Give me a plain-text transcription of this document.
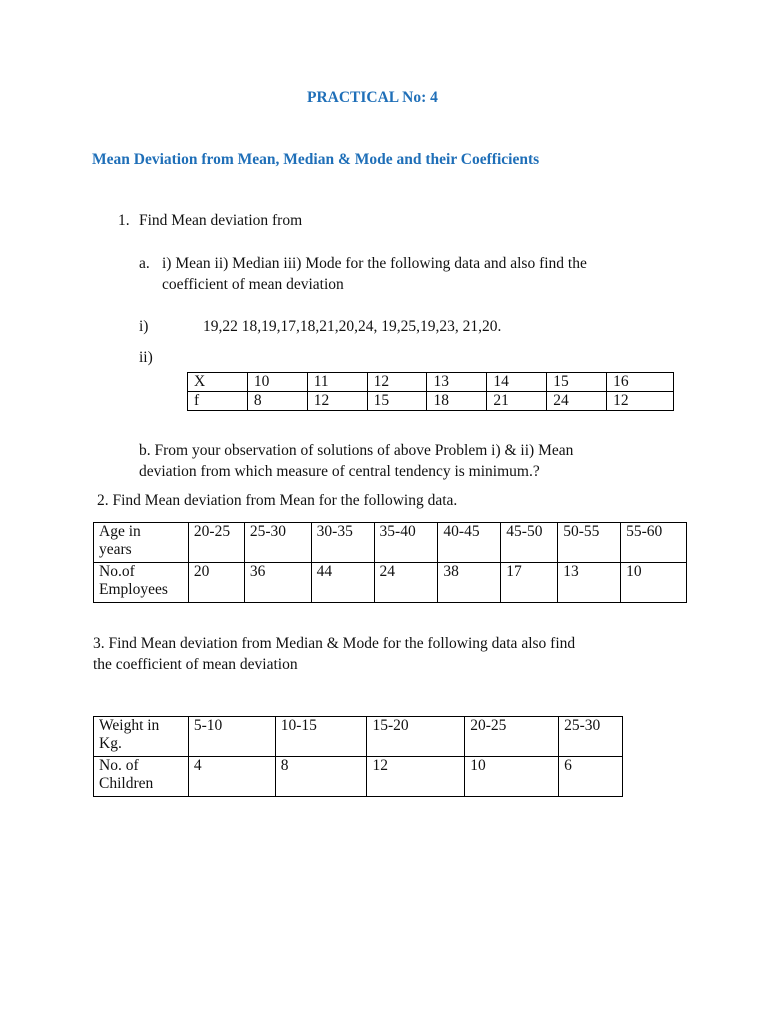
PRACTICAL No: 4
Mean Deviation from Mean, Median & Mode and their Coefficients
1. Find Mean deviation from
a. i) Mean ii) Median iii) Mode for the following data and also find the
coefficient of mean deviation
i)	19,22 18,19,17,18,21,20,24, 19,25,19,23, 21,20.
ii)
X	10	11	12	13	14	15	16
f	8	12	15	18	21	24	12
b. From your observation of solutions of above Problem i) & ii) Mean
deviation from which measure of central tendency is minimum.?
2. Find Mean deviation from Mean for the following data.
Age in
years	20-25	25-30	30-35	35-40	40-45	45-50	50-55	55-60
No.of
Employees	20	36	44	24	38	17	13	10
3. Find Mean deviation from Median & Mode for the following data also find
the coefficient of mean deviation
Weight in
Kg.	5-10	10-15	15-20	20-25	25-30
No. of
Children	4	8	12	10	6
